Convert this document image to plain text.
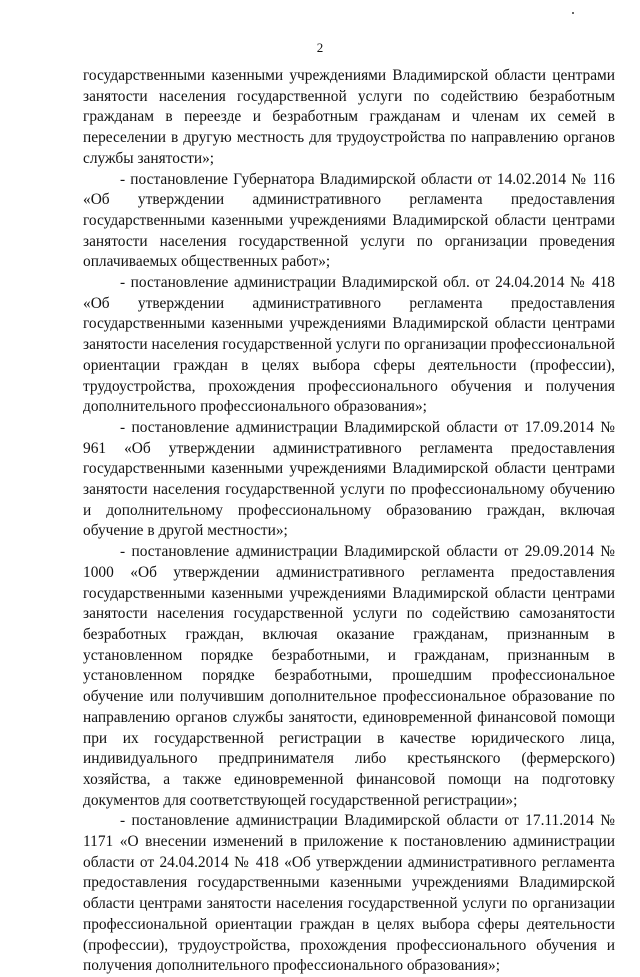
2

государственными казенными учреждениями Владимирской области центрами занятости населения государственной услуги по содействию безработным гражданам в переезде и безработным гражданам и членам их семей в переселении в другую местность для трудоустройства по направлению органов службы занятости»;

- постановление Губернатора Владимирской области от 14.02.2014 № 116 «Об утверждении административного регламента предоставления государственными казенными учреждениями Владимирской области центрами занятости населения государственной услуги по организации проведения оплачиваемых общественных работ»;

- постановление администрации Владимирской обл. от 24.04.2014 № 418 «Об утверждении административного регламента предоставления государственными казенными учреждениями Владимирской области центрами занятости населения государственной услуги по организации профессиональной ориентации граждан в целях выбора сферы деятельности (профессии), трудоустройства, прохождения профессионального обучения и получения дополнительного профессионального образования»;

- постановление администрации Владимирской области от 17.09.2014 № 961 «Об утверждении административного регламента предоставления государственными казенными учреждениями Владимирской области центрами занятости населения государственной услуги по профессиональному обучению и дополнительному профессиональному образованию граждан, включая обучение в другой местности»;

- постановление администрации Владимирской области от 29.09.2014 № 1000 «Об утверждении административного регламента предоставления государственными казенными учреждениями Владимирской области центрами занятости населения государственной услуги по содействию самозанятости безработных граждан, включая оказание гражданам, признанным в установленном порядке безработными, и гражданам, признанным в установленном порядке безработными, прошедшим профессиональное обучение или получившим дополнительное профессиональное образование по направлению органов службы занятости, единовременной финансовой помощи при их государственной регистрации в качестве юридического лица, индивидуального предпринимателя либо крестьянского (фермерского) хозяйства, а также единовременной финансовой помощи на подготовку документов для соответствующей государственной регистрации»;

- постановление администрации Владимирской области от 17.11.2014 № 1171 «О внесении изменений в приложение к постановлению администрации области от 24.04.2014 № 418 «Об утверждении административного регламента предоставления государственными казенными учреждениями Владимирской области центрами занятости населения государственной услуги по организации профессиональной ориентации граждан в целях выбора сферы деятельности (профессии), трудоустройства, прохождения профессионального обучения и получения дополнительного профессионального образования»;
